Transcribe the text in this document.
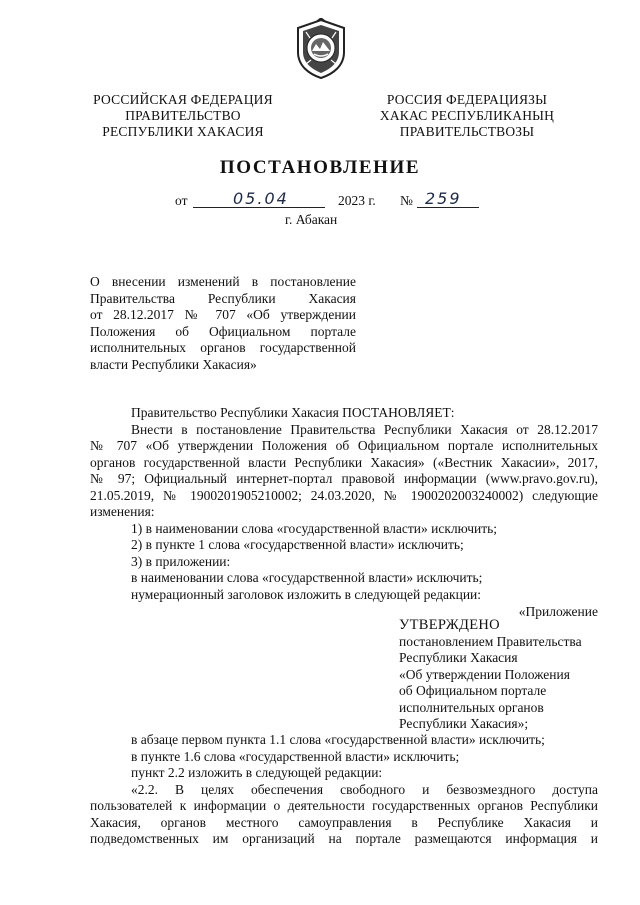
РОССИЙСКАЯ ФЕДЕРАЦИЯ
ПРАВИТЕЛЬСТВО
РЕСПУБЛИКИ ХАКАСИЯ
РОССИЯ ФЕДЕРАЦИЯЗЫ
ХАКАС РЕСПУБЛИКАНЫҢ
ПРАВИТЕЛЬСТВОЗЫ
ПОСТАНОВЛЕНИЕ
от	05.04	2023 г. № 259
г. Абакан
О внесении изменений в постановление
Правительства Республики Хакасия
от 28.12.2017 № 707 «Об утверждении
Положения об Официальном портале
исполнительных органов государственной
власти Республики Хакасия»
Правительство Республики Хакасия ПОСТАНОВЛЯЕТ:
Внести в постановление Правительства Республики Хакасия от 28.12.2017
№ 707 «Об утверждении Положения об Официальном портале исполнительных
органов государственной власти Республики Хакасия» («Вестник Хакасии», 2017,
№ 97; Официальный интернет-портал правовой информации (www.pravo.gov.ru),
21.05.2019, № 1900201905210002; 24.03.2020, № 1900202003240002) следующие
изменения:
1) в наименовании слова «государственной власти» исключить;
2) в пункте 1 слова «государственной власти» исключить;
3) в приложении:
в наименовании слова «государственной власти» исключить;
нумерационный заголовок изложить в следующей редакции:
«Приложение
УТВЕРЖДЕНО
постановлением Правительства
Республики Хакасия
«Об утверждении Положения
об Официальном портале
исполнительных органов
Республики Хакасия»;
в абзаце первом пункта 1.1 слова «государственной власти» исключить;
в пункте 1.6 слова «государственной власти» исключить;
пункт 2.2 изложить в следующей редакции:
«2.2. В целях обеспечения свободного и безвозмездного доступа
пользователей к информации о деятельности государственных органов Республики
Хакасия, органов местного самоуправления в Республике Хакасия и
подведомственных им организаций на портале размещаются информация и
